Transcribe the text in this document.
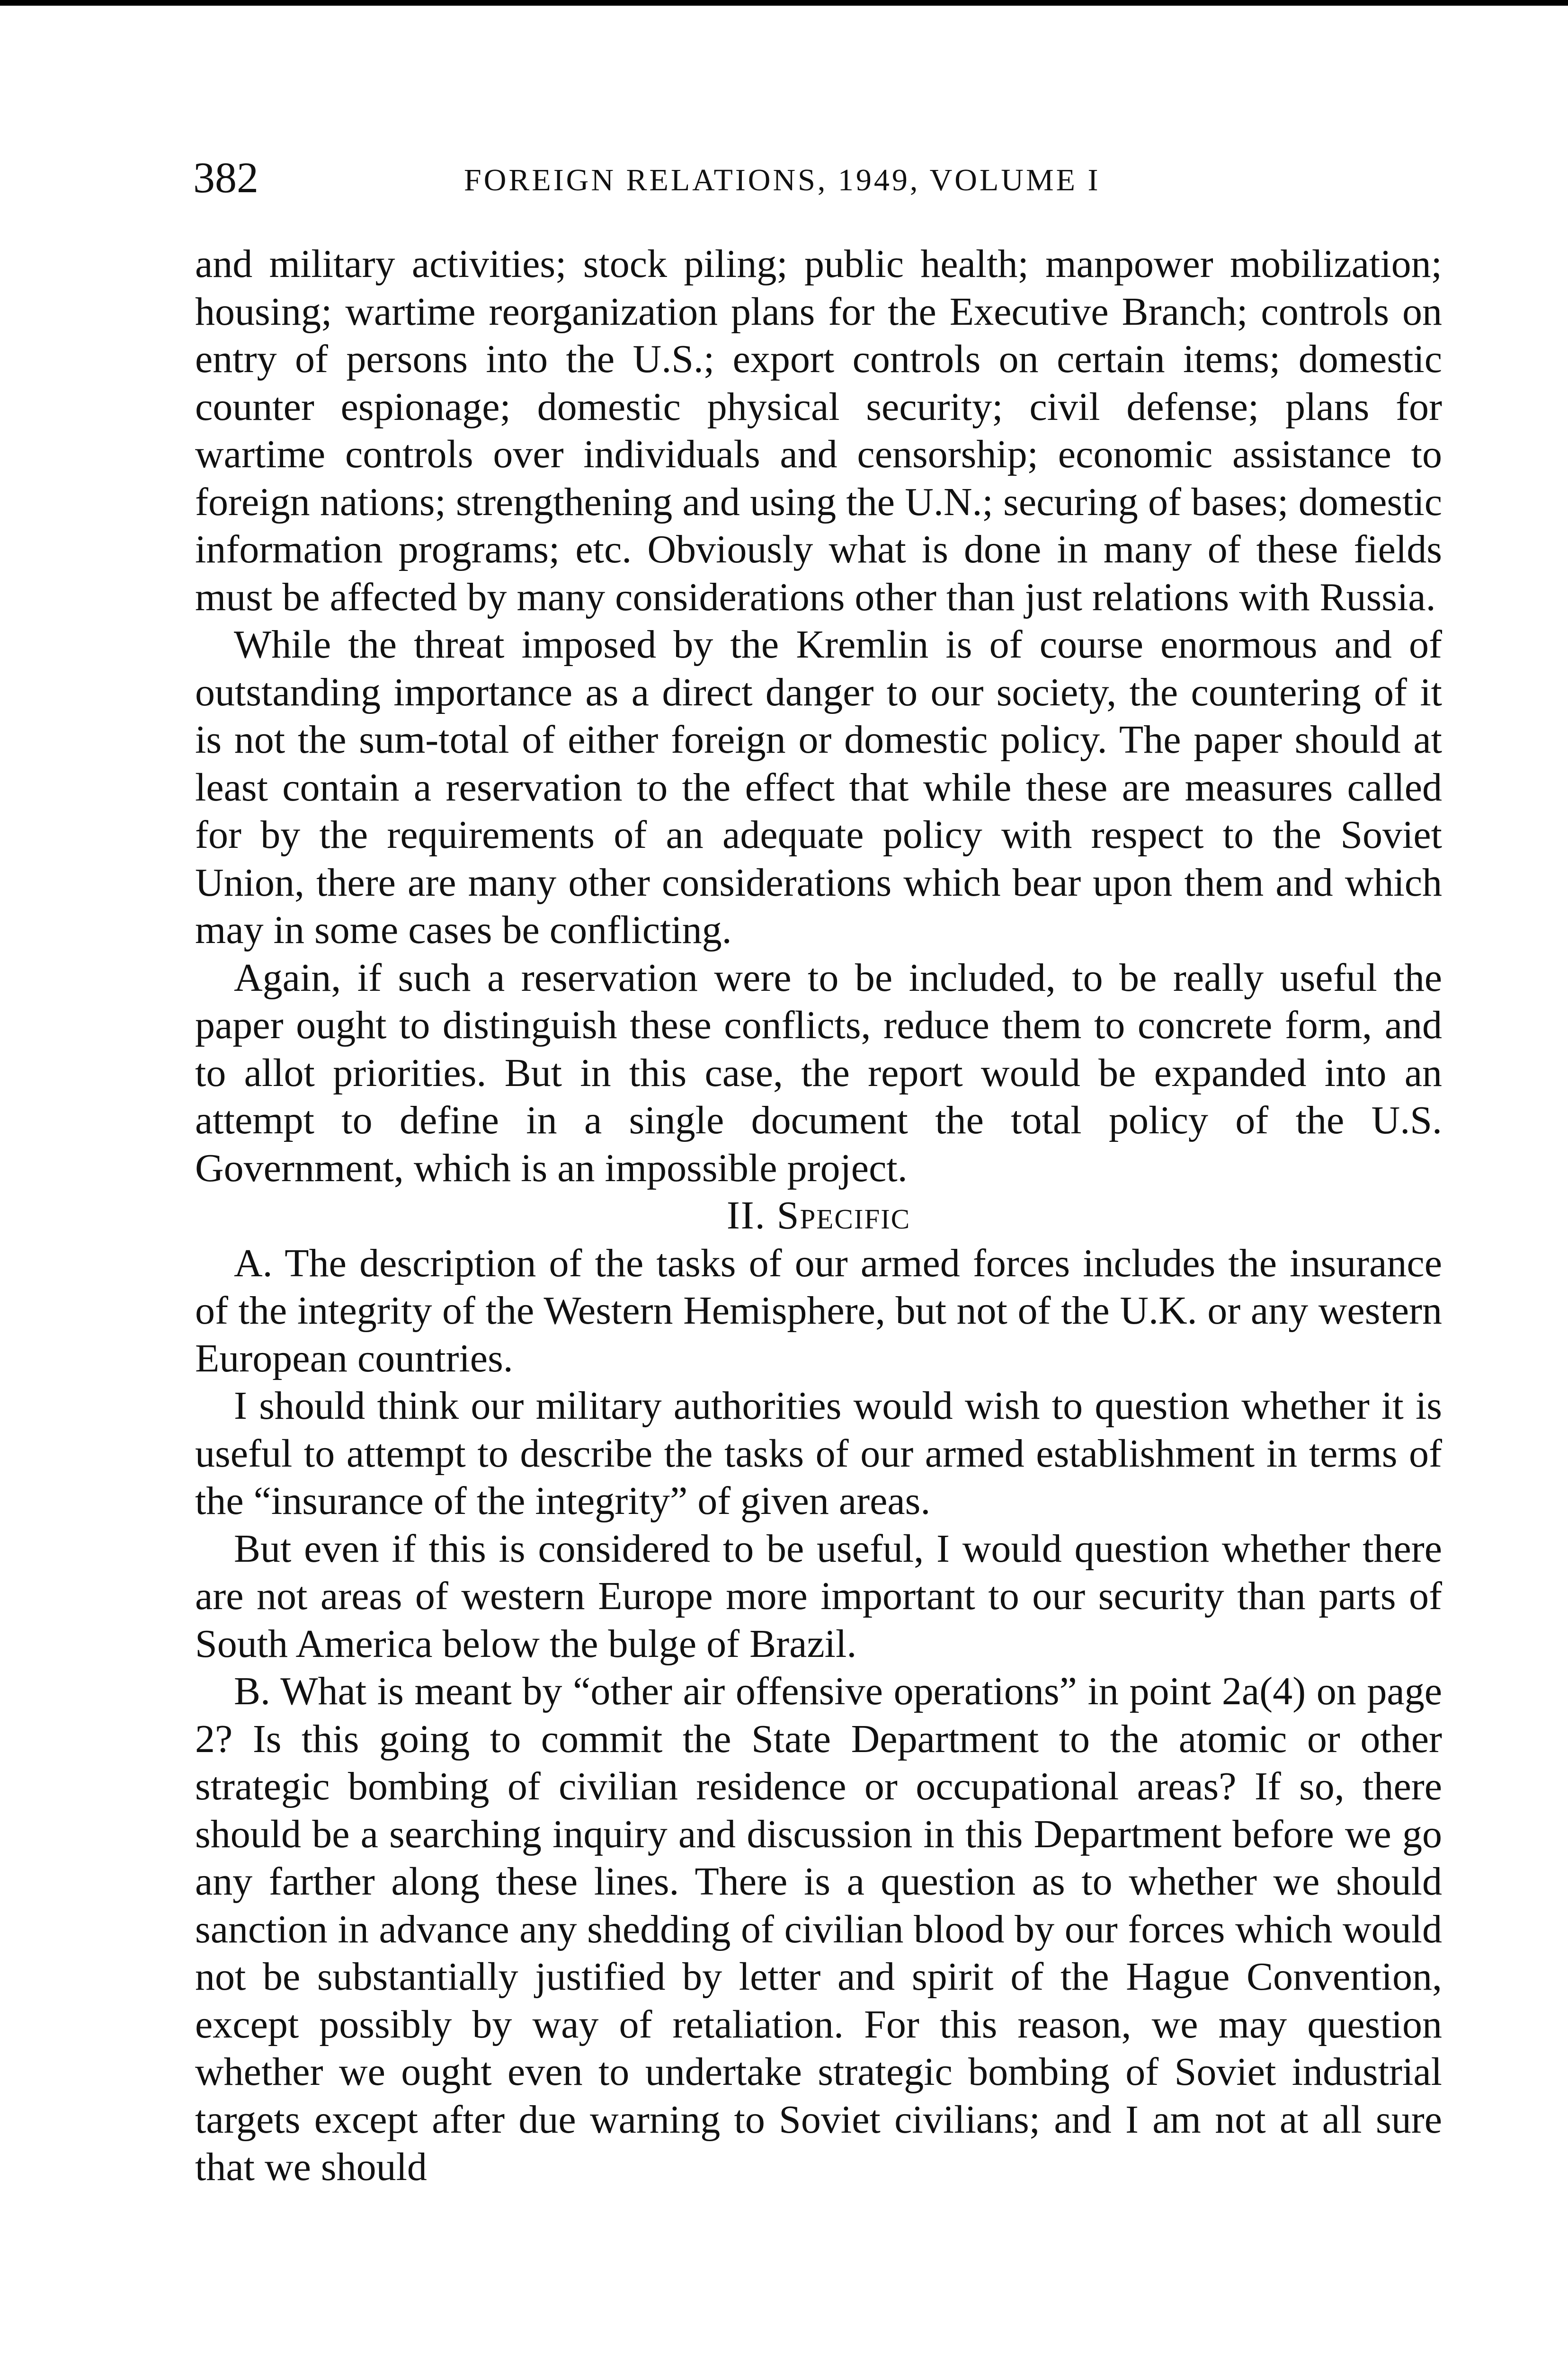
382	FOREIGN RELATIONS, 1949, VOLUME I

and military activities; stock piling; public health; manpower mobilization; housing; wartime reorganization plans for the Executive Branch; controls on entry of persons into the U.S.; export controls on certain items; domestic counter espionage; domestic physical security; civil defense; plans for wartime controls over individuals and censorship; economic assistance to foreign nations; strengthening and using the U.N.; securing of bases; domestic information programs; etc. Obviously what is done in many of these fields must be affected by many considerations other than just relations with Russia.

While the threat imposed by the Kremlin is of course enormous and of outstanding importance as a direct danger to our society, the countering of it is not the sum-total of either foreign or domestic policy. The paper should at least contain a reservation to the effect that while these are measures called for by the requirements of an adequate policy with respect to the Soviet Union, there are many other considerations which bear upon them and which may in some cases be conflicting.

Again, if such a reservation were to be included, to be really useful the paper ought to distinguish these conflicts, reduce them to concrete form, and to allot priorities. But in this case, the report would be expanded into an attempt to define in a single document the total policy of the U.S. Government, which is an impossible project.

II. Specific

A. The description of the tasks of our armed forces includes the insurance of the integrity of the Western Hemisphere, but not of the U.K. or any western European countries.

I should think our military authorities would wish to question whether it is useful to attempt to describe the tasks of our armed establishment in terms of the “insurance of the integrity” of given areas.

But even if this is considered to be useful, I would question whether there are not areas of western Europe more important to our security than parts of South America below the bulge of Brazil.

B. What is meant by “other air offensive operations” in point 2a(4) on page 2? Is this going to commit the State Department to the atomic or other strategic bombing of civilian residence or occupational areas? If so, there should be a searching inquiry and discussion in this Department before we go any farther along these lines. There is a question as to whether we should sanction in advance any shedding of civilian blood by our forces which would not be substantially justified by letter and spirit of the Hague Convention, except possibly by way of retaliation. For this reason, we may question whether we ought even to undertake strategic bombing of Soviet industrial targets except after due warning to Soviet civilians; and I am not at all sure that we should
